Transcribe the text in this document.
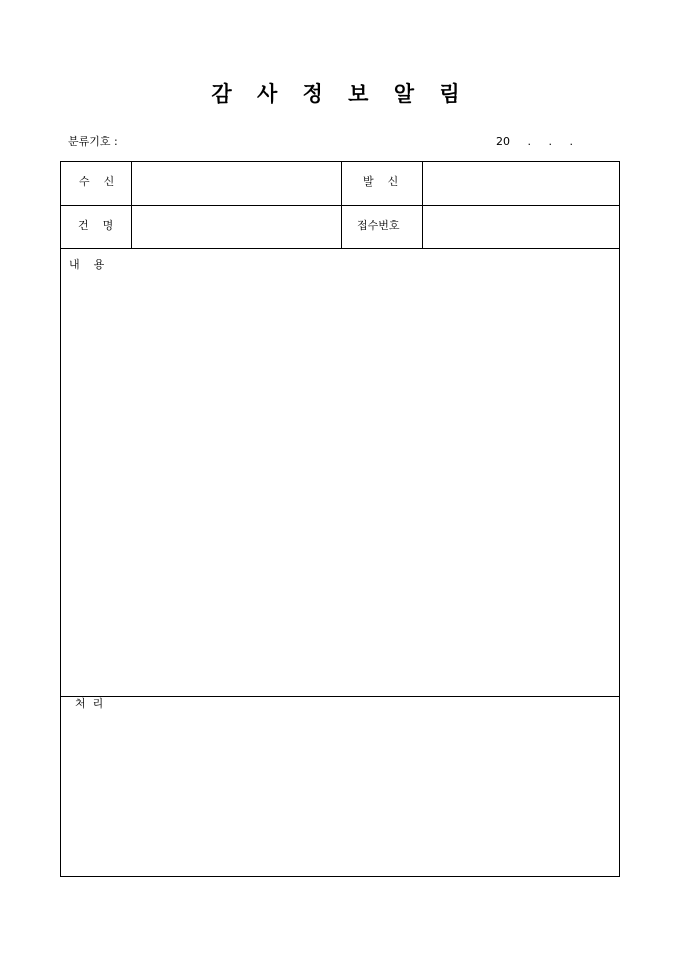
감 사 정 보 알 림
분류기호 :	20     .     .     .
수    신	발    신
건    명	접수번호
내    용
처  리
